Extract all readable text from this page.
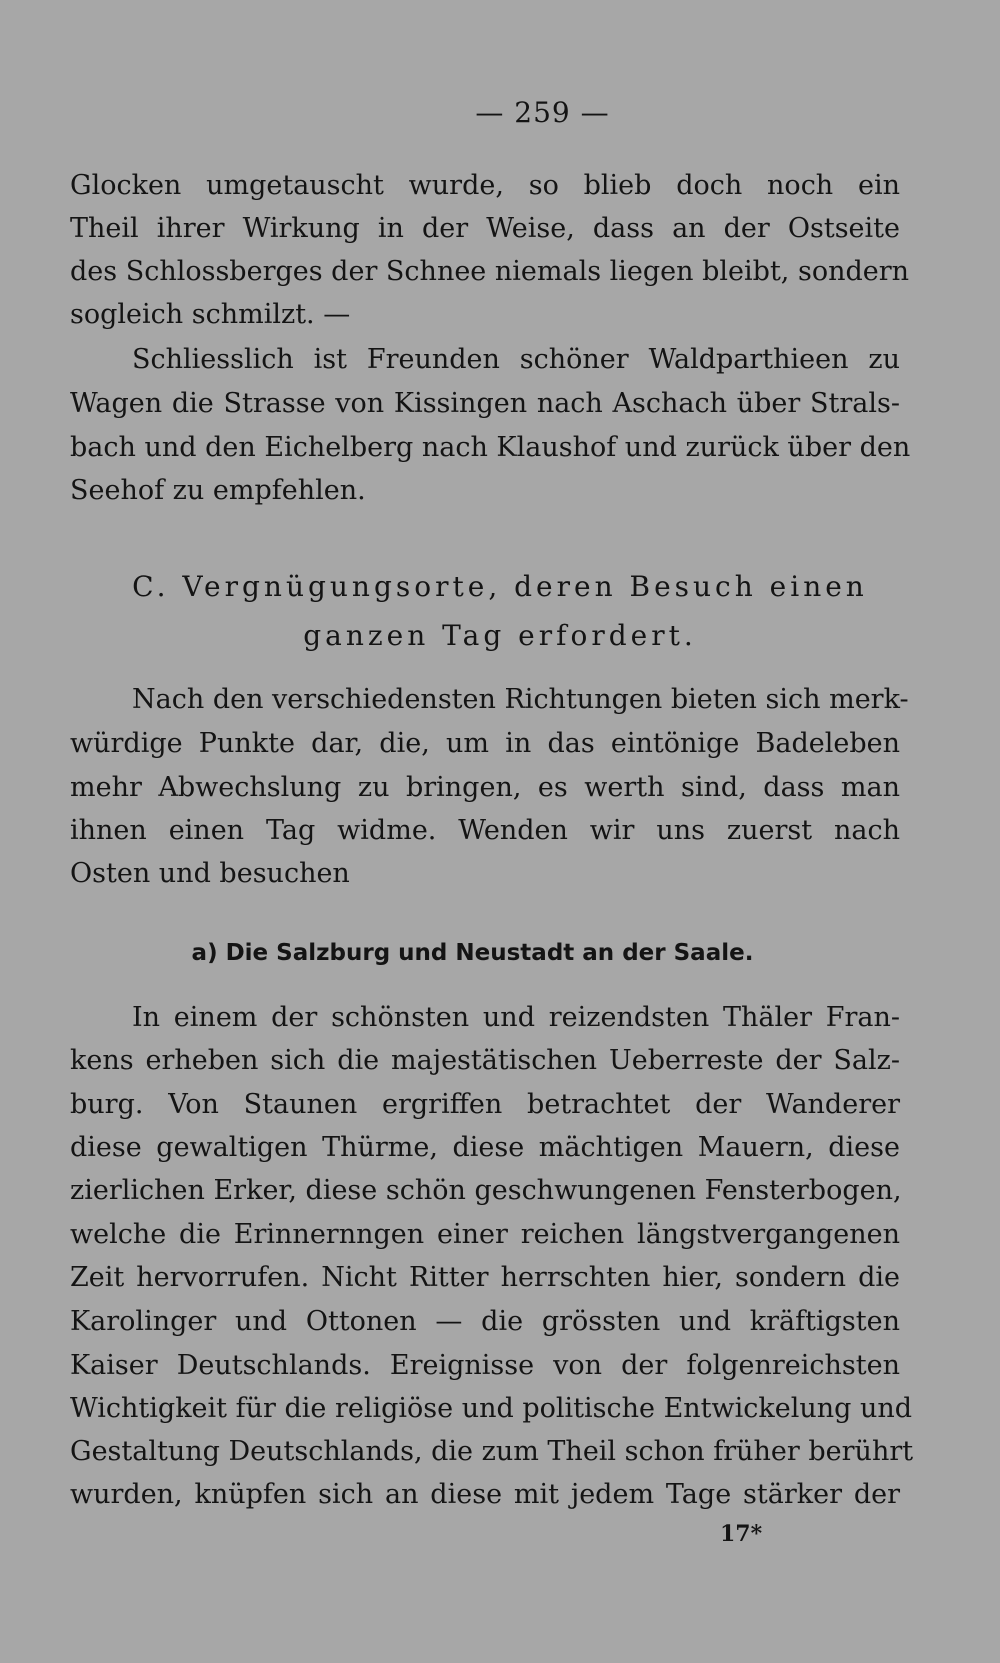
— 259 —
Glocken umgetauscht wurde, so blieb doch noch ein
Theil ihrer Wirkung in der Weise, dass an der Ostseite
des Schlossberges der Schnee niemals liegen bleibt, sondern
sogleich schmilzt. —
Schliesslich ist Freunden schöner Waldparthieen zu
Wagen die Strasse von Kissingen nach Aschach über Strals-
bach und den Eichelberg nach Klaushof und zurück über den
Seehof zu empfehlen.
C. Vergnügungsorte, deren Besuch einen
ganzen Tag erfordert.
Nach den verschiedensten Richtungen bieten sich merk-
würdige Punkte dar, die, um in das eintönige Badeleben
mehr Abwechslung zu bringen, es werth sind, dass man
ihnen einen Tag widme. Wenden wir uns zuerst nach
Osten und besuchen
a) Die Salzburg und Neustadt an der Saale.
In einem der schönsten und reizendsten Thäler Fran-
kens erheben sich die majestätischen Ueberreste der Salz-
burg. Von Staunen ergriffen betrachtet der Wanderer
diese gewaltigen Thürme, diese mächtigen Mauern, diese
zierlichen Erker, diese schön geschwungenen Fensterbogen,
welche die Erinnernngen einer reichen längstvergangenen
Zeit hervorrufen. Nicht Ritter herrschten hier, sondern die
Karolinger und Ottonen — die grössten und kräftigsten
Kaiser Deutschlands. Ereignisse von der folgenreichsten
Wichtigkeit für die religiöse und politische Entwickelung und
Gestaltung Deutschlands, die zum Theil schon früher berührt
wurden, knüpfen sich an diese mit jedem Tage stärker der
17*
